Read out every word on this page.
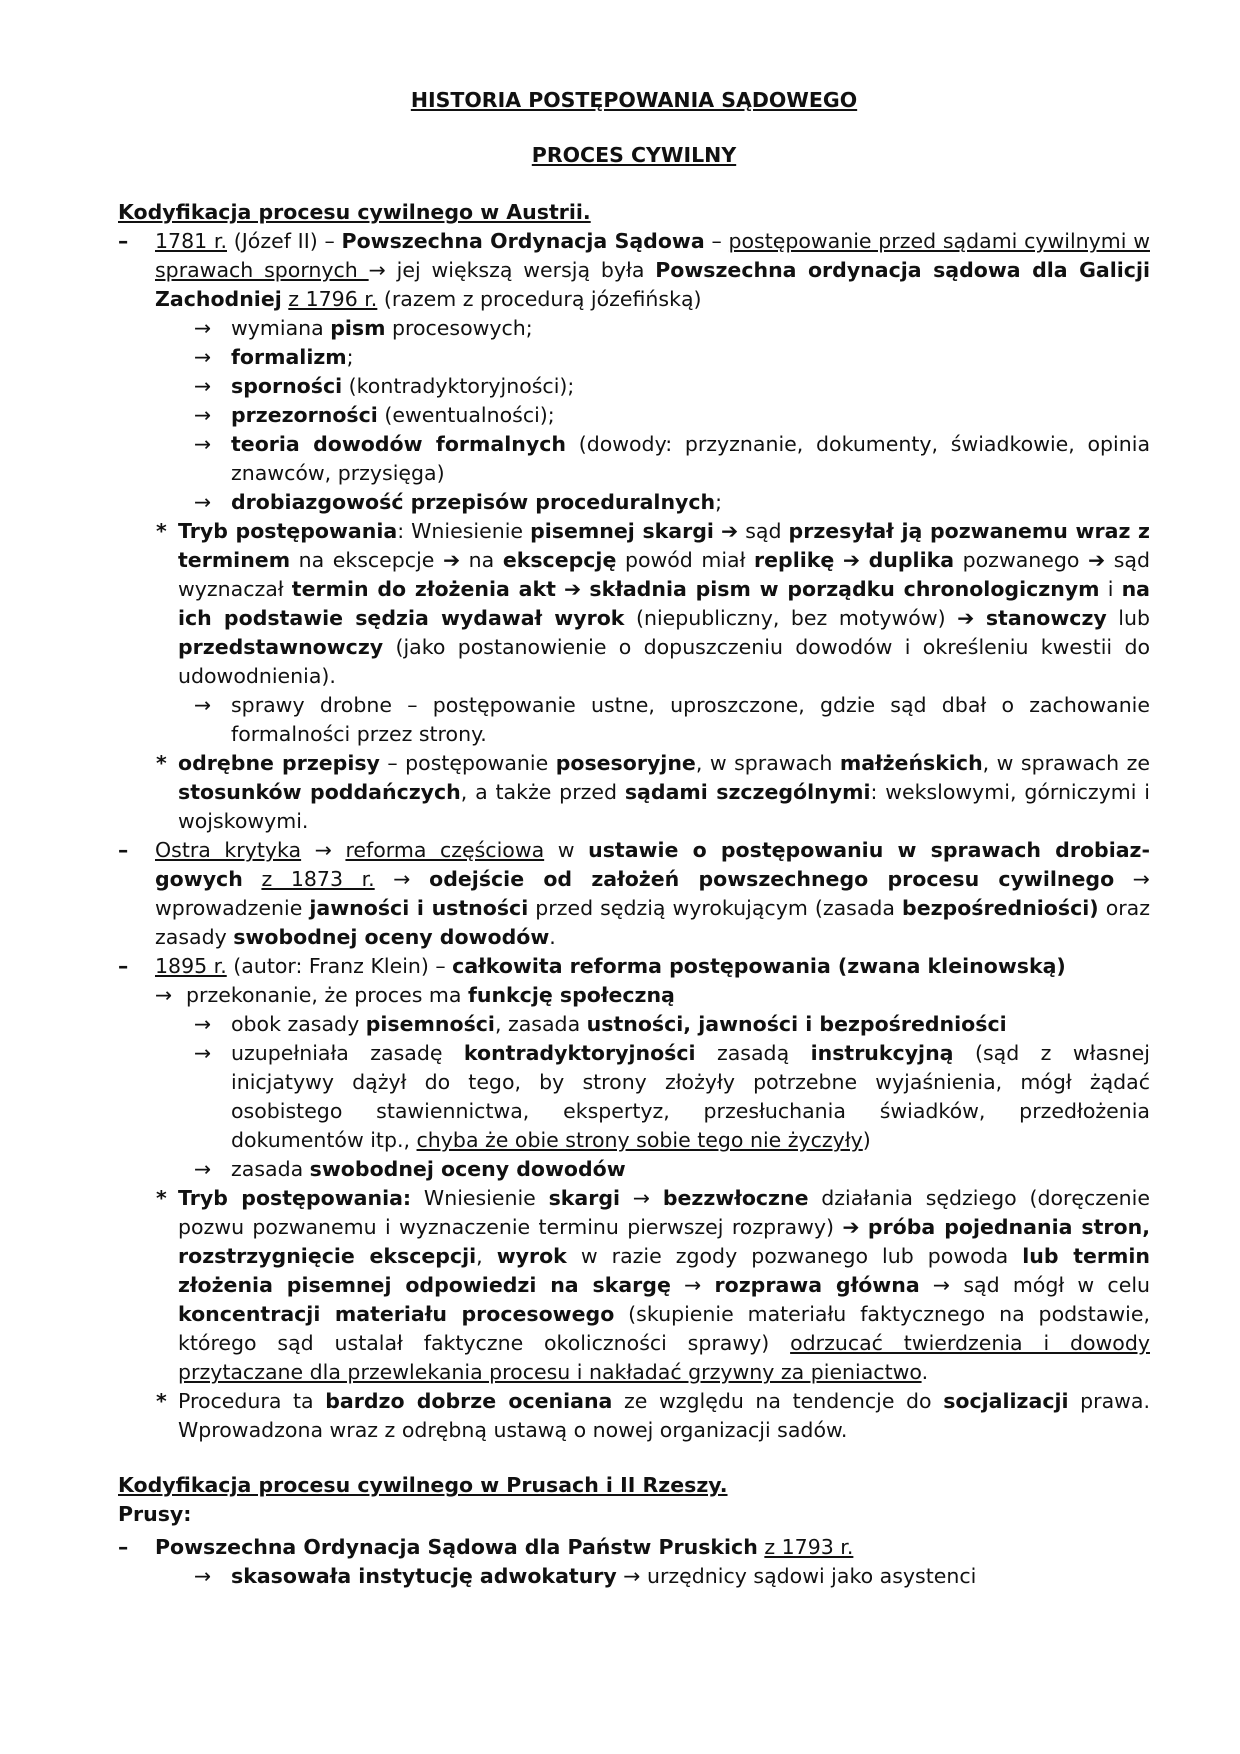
HISTORIA POSTĘPOWANIA SĄDOWEGO

PROCES CYWILNY

Kodyfikacja procesu cywilnego w Austrii.

– 1781 r. (Józef II) – Powszechna Ordynacja Sądowa – postępowanie przed sądami cywilnymi w sprawach spornych → jej większą wersją była Powszechna ordynacja sądowa dla Galicji Zachodniej z 1796 r. (razem z procedurą józefińską)

→ wymiana pism procesowych;

→ formalizm;

→ sporności (kontradyktoryjności);

→ przezorności (ewentualności);

→ teoria dowodów formalnych (dowody: przyznanie, dokumenty, świadkowie, opinia znawców, przysięga)

→ drobiazgowość przepisów proceduralnych;

* Tryb postępowania: Wniesienie pisemnej skargi ➔ sąd przesyłał ją pozwanemu wraz z terminem na ekscepcje ➔ na ekscepcję powód miał replikę ➔ duplika pozwanego ➔ sąd wyznaczał termin do złożenia akt ➔ składnia pism w porządku chronologicznym i na ich podstawie sędzia wydawał wyrok (niepubliczny, bez motywów) ➔ stanowczy lub przedstawnowczy (jako postanowienie o dopuszczeniu dowodów i określeniu kwestii do udowodnienia).

→ sprawy drobne – postępowanie ustne, uproszczone, gdzie sąd dbał o zachowanie formalności przez strony.

* odrębne przepisy – postępowanie posesoryjne, w sprawach małżeńskich, w sprawach ze stosunków poddańczych, a także przed sądami szczególnymi: wekslowymi, górniczymi i wojskowymi.

– Ostra krytyka → reforma częściowa w ustawie o postępowaniu w sprawach drobiaz-gowych z 1873 r. → odejście od założeń powszechnego procesu cywilnego → wprowadzenie jawności i ustności przed sędzią wyrokującym (zasada bezpośredniości) oraz zasady swobodnej oceny dowodów.

– 1895 r. (autor: Franz Klein) – całkowita reforma postępowania (zwana kleinowską)

→ przekonanie, że proces ma funkcję społeczną

→ obok zasady pisemności, zasada ustności, jawności i bezpośredniości

→ uzupełniała zasadę kontradyktoryjności zasadą instrukcyjną (sąd z własnej inicjatywy dążył do tego, by strony złożyły potrzebne wyjaśnienia, mógł żądać osobistego stawiennictwa, ekspertyz, przesłuchania świadków, przedłożenia dokumentów itp., chyba że obie strony sobie tego nie życzyły)

→ zasada swobodnej oceny dowodów

* Tryb postępowania: Wniesienie skargi → bezzwłoczne działania sędziego (doręczenie pozwu pozwanemu i wyznaczenie terminu pierwszej rozprawy) ➔ próba pojednania stron, rozstrzygnięcie ekscepcji, wyrok w razie zgody pozwanego lub powoda lub termin złożenia pisemnej odpowiedzi na skargę → rozprawa główna → sąd mógł w celu koncentracji materiału procesowego (skupienie materiału faktycznego na podstawie, którego sąd ustalał faktyczne okoliczności sprawy) odrzucać twierdzenia i dowody przytaczane dla przewlekania procesu i nakładać grzywny za pieniactwo.

* Procedura ta bardzo dobrze oceniana ze względu na tendencje do socjalizacji prawa. Wprowadzona wraz z odrębną ustawą o nowej organizacji sadów.

Kodyfikacja procesu cywilnego w Prusach i II Rzeszy.

Prusy:

– Powszechna Ordynacja Sądowa dla Państw Pruskich z 1793 r.

→ skasowała instytucję adwokatury → urzędnicy sądowi jako asystenci
